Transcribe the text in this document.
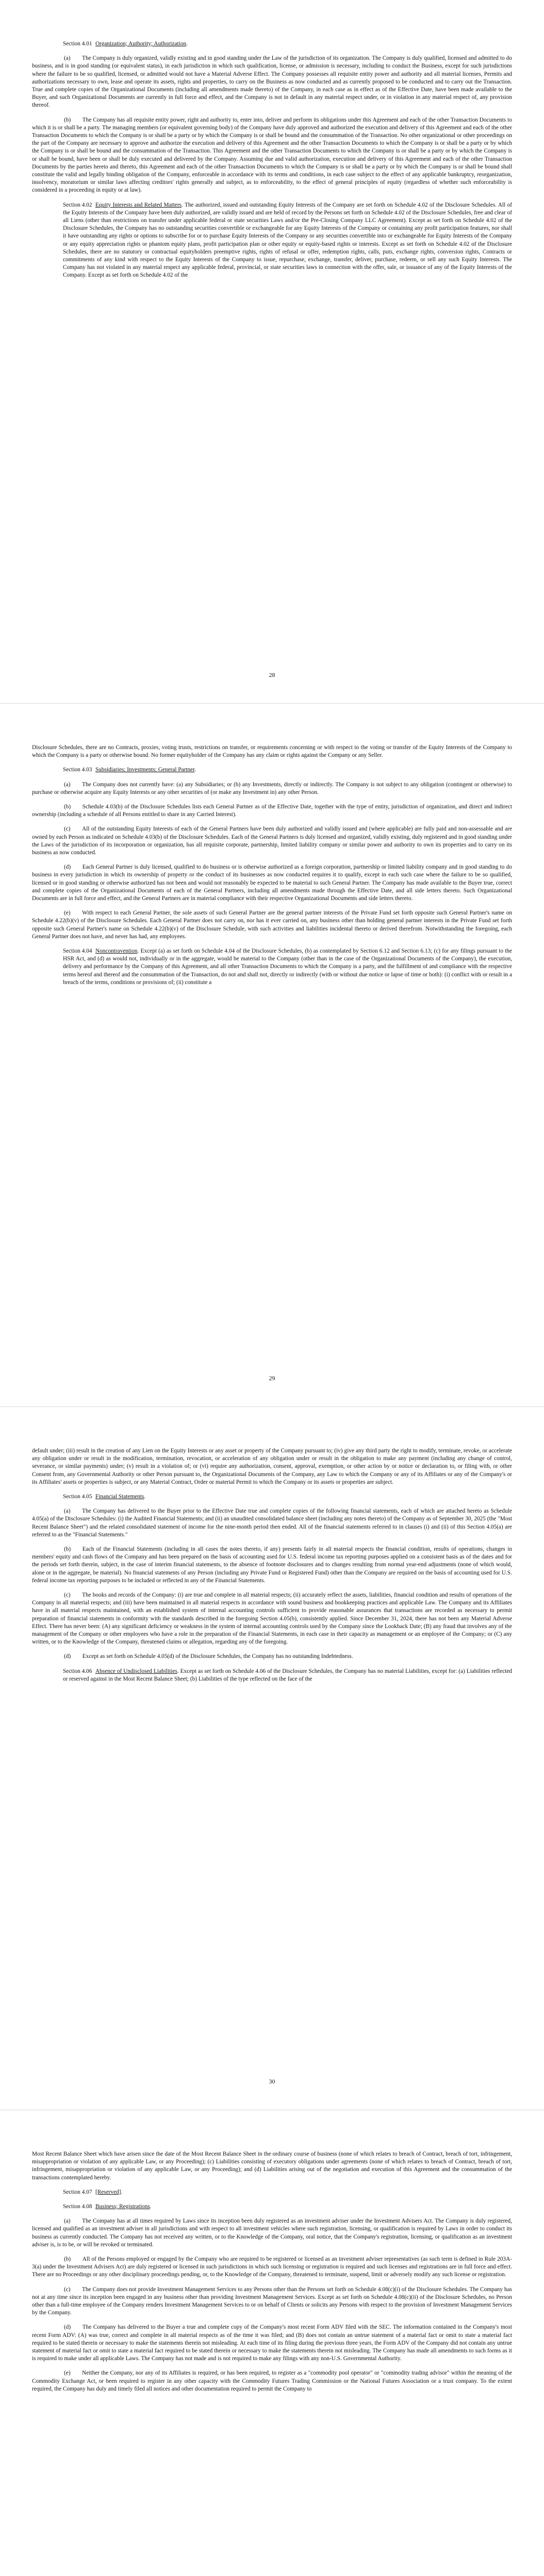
Section 4.01 Organization; Authority; Authorization.

(a)  The Company is duly organized, validly existing and in good standing under the Law of the jurisdiction of its organization. The Company is duly qualified, licensed and admitted to do business, and is in good standing (or equivalent status), in each jurisdiction in which such qualification, license, or admission is necessary, including to conduct the Business, except for such jurisdictions where the failure to be so qualified, licensed, or admitted would not have a Material Adverse Effect. The Company possesses all requisite entity power and authority and all material licenses, Permits and authorizations necessary to own, lease and operate its assets, rights and properties, to carry on the Business as now conducted and as currently proposed to be conducted and to carry out the Transaction. True and complete copies of the Organizational Documents (including all amendments made thereto) of the Company, in each case as in effect as of the Effective Date, have been made available to the Buyer, and such Organizational Documents are currently in full force and effect, and the Company is not in default in any material respect under, or in violation in any material respect of, any provision thereof.

(b)  The Company has all requisite entity power, right and authority to, enter into, deliver and perform its obligations under this Agreement and each of the other Transaction Documents to which it is or shall be a party. The managing members (or equivalent governing body) of the Company have duly approved and authorized the execution and delivery of this Agreement and each of the other Transaction Documents to which the Company is or shall be a party or by which the Company is or shall be bound and the consummation of the Transaction. No other organizational or other proceedings on the part of the Company are necessary to approve and authorize the execution and delivery of this Agreement and the other Transaction Documents to which the Company is or shall be a party or by which the Company is or shall be bound and the consummation of the Transaction. This Agreement and the other Transaction Documents to which the Company is or shall be a party or by which the Company is or shall be bound, have been or shall be duly executed and delivered by the Company. Assuming due and valid authorization, execution and delivery of this Agreement and each of the other Transaction Documents by the parties hereto and thereto, this Agreement and each of the other Transaction Documents to which the Company is or shall be a party or by which the Company is or shall be bound shall constitute the valid and legally binding obligation of the Company, enforceable in accordance with its terms and conditions, in each case subject to the effect of any applicable bankruptcy, reorganization, insolvency, moratorium or similar laws affecting creditors' rights generally and subject, as to enforceability, to the effect of general principles of equity (regardless of whether such enforceability is considered in a proceeding in equity or at law).

Section 4.02 Equity Interests and Related Matters. The authorized, issued and outstanding Equity Interests of the Company are set forth on Schedule 4.02 of the Disclosure Schedules. All of the Equity Interests of the Company have been duly authorized, are validly issued and are held of record by the Persons set forth on Schedule 4.02 of the Disclosure Schedules, free and clear of all Liens (other than restrictions on transfer under applicable federal or state securities Laws and/or the Pre-Closing Company LLC Agreement). Except as set forth on Schedule 4.02 of the Disclosure Schedules, the Company has no outstanding securities convertible or exchangeable for any Equity Interests of the Company or containing any profit participation features, nor shall it have outstanding any rights or options to subscribe for or to purchase Equity Interests of the Company or any securities convertible into or exchangeable for Equity Interests of the Company or any equity appreciation rights or phantom equity plans, profit participation plan or other equity or equity-based rights or interests. Except as set forth on Schedule 4.02 of the Disclosure Schedules, there are no statutory or contractual equityholders preemptive rights, rights of refusal or offer, redemption rights, calls, puts, exchange rights, conversion rights, Contracts or commitments of any kind with respect to the Equity Interests of the Company to issue, repurchase, exchange, transfer, deliver, purchase, redeem, or sell any such Equity Interests. The Company has not violated in any material respect any applicable federal, provincial, or state securities laws in connection with the offer, sale, or issuance of any of the Equity Interests of the Company. Except as set forth on Schedule 4.02 of the

28

Disclosure Schedules, there are no Contracts, proxies, voting trusts, restrictions on transfer, or requirements concerning or with respect to the voting or transfer of the Equity Interests of the Company to which the Company is a party or otherwise bound. No former equityholder of the Company has any claim or rights against the Company or any Seller.

Section 4.03 Subsidiaries; Investments; General Partner.

(a)  The Company does not currently have: (a) any Subsidiaries; or (b) any Investments, directly or indirectly. The Company is not subject to any obligation (contingent or otherwise) to purchase or otherwise acquire any Equity Interests or any other securities of (or make any Investment in) any other Person.

(b)  Schedule 4.03(b) of the Disclosure Schedules lists each General Partner as of the Effective Date, together with the type of entity, jurisdiction of organization, and direct and indirect ownership (including a schedule of all Persons entitled to share in any Carried Interest).

(c)  All of the outstanding Equity Interests of each of the General Partners have been duly authorized and validly issued and (where applicable) are fully paid and non-assessable and are owned by each Person as indicated on Schedule 4.03(b) of the Disclosure Schedules. Each of the General Partners is duly licensed and organized, validly existing, duly registered and in good standing under the Laws of the jurisdiction of its incorporation or organization, has all requisite corporate, partnership, limited liability company or similar power and authority to own its properties and to carry on its business as now conducted.

(d)  Each General Partner is duly licensed, qualified to do business or is otherwise authorized as a foreign corporation, partnership or limited liability company and in good standing to do business in every jurisdiction in which its ownership of property or the conduct of its businesses as now conducted requires it to qualify, except in each such case where the failure to be so qualified, licensed or in good standing or otherwise authorized has not been and would not reasonably be expected to be material to such General Partner. The Company has made available to the Buyer true, correct and complete copies of the Organizational Documents of each of the General Partners, including all amendments made through the Effective Date, and all side letters thereto. Such Organizational Documents are in full force and effect, and the General Partners are in material compliance with their respective Organizational Documents and side letters thereto.

(e)  With respect to each General Partner, the sole assets of such General Partner are the general partner interests of the Private Fund set forth opposite such General Partner's name on Schedule 4.22(b)(v) of the Disclosure Schedules. Each General Partner does not carry on, nor has it ever carried on, any business other than holding general partner interests in the Private Fund set forth opposite such General Partner's name on Schedule 4.22(b)(v) of the Disclosure Schedule, with such activities and liabilities incidental thereto or derived therefrom. Notwithstanding the foregoing, each General Partner does not have, and never has had, any employees.

Section 4.04 Noncontravention. Except (a) as set forth on Schedule 4.04 of the Disclosure Schedules, (b) as contemplated by Section 6.12 and Section 6.13; (c) for any filings pursuant to the HSR Act, and (d) as would not, individually or in the aggregate, would be material to the Company (other than in the case of the Organizational Documents of the Company), the execution, delivery and performance by the Company of this Agreement, and all other Transaction Documents to which the Company is a party, and the fulfillment of and compliance with the respective terms hereof and thereof and the consummation of the Transaction, do not and shall not, directly or indirectly (with or without due notice or lapse of time or both): (i) conflict with or result in a breach of the terms, conditions or provisions of; (ii) constitute a

29

default under; (iii) result in the creation of any Lien on the Equity Interests or any asset or property of the Company pursuant to; (iv) give any third party the right to modify, terminate, revoke, or accelerate any obligation under or result in the modification, termination, revocation, or acceleration of any obligation under or result in the obligation to make any payment (including any change of control, severance, or similar payments) under; (v) result in a violation of; or (vi) require any authorization, consent, approval, exemption, or other action by or notice or declaration to, or filing with, or other Consent from, any Governmental Authority or other Person pursuant to, the Organizational Documents of the Company, any Law to which the Company or any of its Affiliates or any of the Company's or its Affiliates' assets or properties is subject, or any Material Contract, Order or material Permit to which the Company or its assets or properties are subject.

Section 4.05 Financial Statements.

(a)  The Company has delivered to the Buyer prior to the Effective Date true and complete copies of the following financial statements, each of which are attached hereto as Schedule 4.05(a) of the Disclosure Schedules: (i) the Audited Financial Statements; and (ii) an unaudited consolidated balance sheet (including any notes thereto) of the Company as of September 30, 2025 (the "Most Recent Balance Sheet") and the related consolidated statement of income for the nine-month period then ended. All of the financial statements referred to in clauses (i) and (ii) of this Section 4.05(a) are referred to as the "Financial Statements."

(b)  Each of the Financial Statements (including in all cases the notes thereto, if any) presents fairly in all material respects the financial condition, results of operations, changes in members' equity and cash flows of the Company and has been prepared on the basis of accounting used for U.S. federal income tax reporting purposes applied on a consistent basis as of the dates and for the periods set forth therein, subject, in the case of interim financial statements, to the absence of footnote disclosures and to changes resulting from normal year-end adjustments (none of which would, alone or in the aggregate, be material). No financial statements of any Person (including any Private Fund or Registered Fund) other than the Company are required on the basis of accounting used for U.S. federal income tax reporting purposes to be included or reflected in any of the Financial Statements.

(c)  The books and records of the Company: (i) are true and complete in all material respects; (ii) accurately reflect the assets, liabilities, financial condition and results of operations of the Company in all material respects; and (iii) have been maintained in all material respects in accordance with sound business and bookkeeping practices and applicable Law. The Company and its Affiliates have in all material respects maintained, with an established system of internal accounting controls sufficient to provide reasonable assurances that transactions are recorded as necessary to permit preparation of financial statements in conformity with the standards described in the foregoing Section 4.05(b), consistently applied. Since December 31, 2024, there has not been any Material Adverse Effect. There has never been: (A) any significant deficiency or weakness in the system of internal accounting controls used by the Company since the Lookback Date; (B) any fraud that involves any of the management of the Company or other employees who have a role in the preparation of the Financial Statements, in each case in their capacity as management or an employee of the Company; or (C) any written, or to the Knowledge of the Company, threatened claims or allegation, regarding any of the foregoing.

(d)  Except as set forth on Schedule 4.05(d) of the Disclosure Schedules, the Company has no outstanding Indebtedness.

Section 4.06 Absence of Undisclosed Liabilities. Except as set forth on Schedule 4.06 of the Disclosure Schedules, the Company has no material Liabilities, except for: (a) Liabilities reflected or reserved against in the Most Recent Balance Sheet; (b) Liabilities of the type reflected on the face of the

30

Most Recent Balance Sheet which have arisen since the date of the Most Recent Balance Sheet in the ordinary course of business (none of which relates to breach of Contract, breach of tort, infringement, misappropriation or violation of any applicable Law, or any Proceeding); (c) Liabilities consisting of executory obligations under agreements (none of which relates to breach of Contract, breach of tort, infringement, misappropriation or violation of any applicable Law, or any Proceeding); and (d) Liabilities arising out of the negotiation and execution of this Agreement and the consummation of the transactions contemplated hereby.

Section 4.07 [Reserved].

Section 4.08 Business; Registrations.

(a)  The Company has at all times required by Laws since its inception been duly registered as an investment adviser under the Investment Advisers Act. The Company is duly registered, licensed and qualified as an investment adviser in all jurisdictions and with respect to all investment vehicles where such registration, licensing, or qualification is required by Laws in order to conduct its business as currently conducted. The Company has not received any written, or to the Knowledge of the Company, oral notice, that the Company's registration, licensing, or qualification as an investment adviser is, is to be, or will be revoked or terminated.

(b)  All of the Persons employed or engaged by the Company who are required to be registered or licensed as an investment adviser representatives (as such term is defined in Rule 203A-3(a) under the Investment Advisers Act) are duly registered or licensed in such jurisdictions in which such licensing or registration is required and such licenses and registrations are in full force and effect. There are no Proceedings or any other disciplinary proceedings pending, or, to the Knowledge of the Company, threatened to terminate, suspend, limit or adversely modify any such license or registration.

(c)  The Company does not provide Investment Management Services to any Persons other than the Persons set forth on Schedule 4.08(c)(i) of the Disclosure Schedules. The Company has not at any time since its inception been engaged in any business other than providing Investment Management Services. Except as set forth on Schedule 4.08(c)(ii) of the Disclosure Schedules, no Person other than a full-time employee of the Company renders Investment Management Services to or on behalf of Clients or solicits any Persons with respect to the provision of Investment Management Services by the Company.

(d)  The Company has delivered to the Buyer a true and complete copy of the Company's most recent Form ADV filed with the SEC. The information contained in the Company's most recent Form ADV: (A) was true, correct and complete in all material respects as of the time it was filed; and (B) does not contain an untrue statement of a material fact or omit to state a material fact required to be stated therein or necessary to make the statements therein not misleading. At each time of its filing during the previous three years, the Form ADV of the Company did not contain any untrue statement of material fact or omit to state a material fact required to be stated therein or necessary to make the statements therein not misleading. The Company has made all amendments to such forms as it is required to make under all applicable Laws. The Company has not made and is not required to make any filings with any non-U.S. Governmental Authority.

(e)  Neither the Company, nor any of its Affiliates is required, or has been required, to register as a "commodity pool operator" or "commodity trading advisor" within the meaning of the Commodity Exchange Act, or been required to register in any other capacity with the Commodity Futures Trading Commission or the National Futures Association or a trust company. To the extent required, the Company has duly and timely filed all notices and other documentation required to permit the Company to
